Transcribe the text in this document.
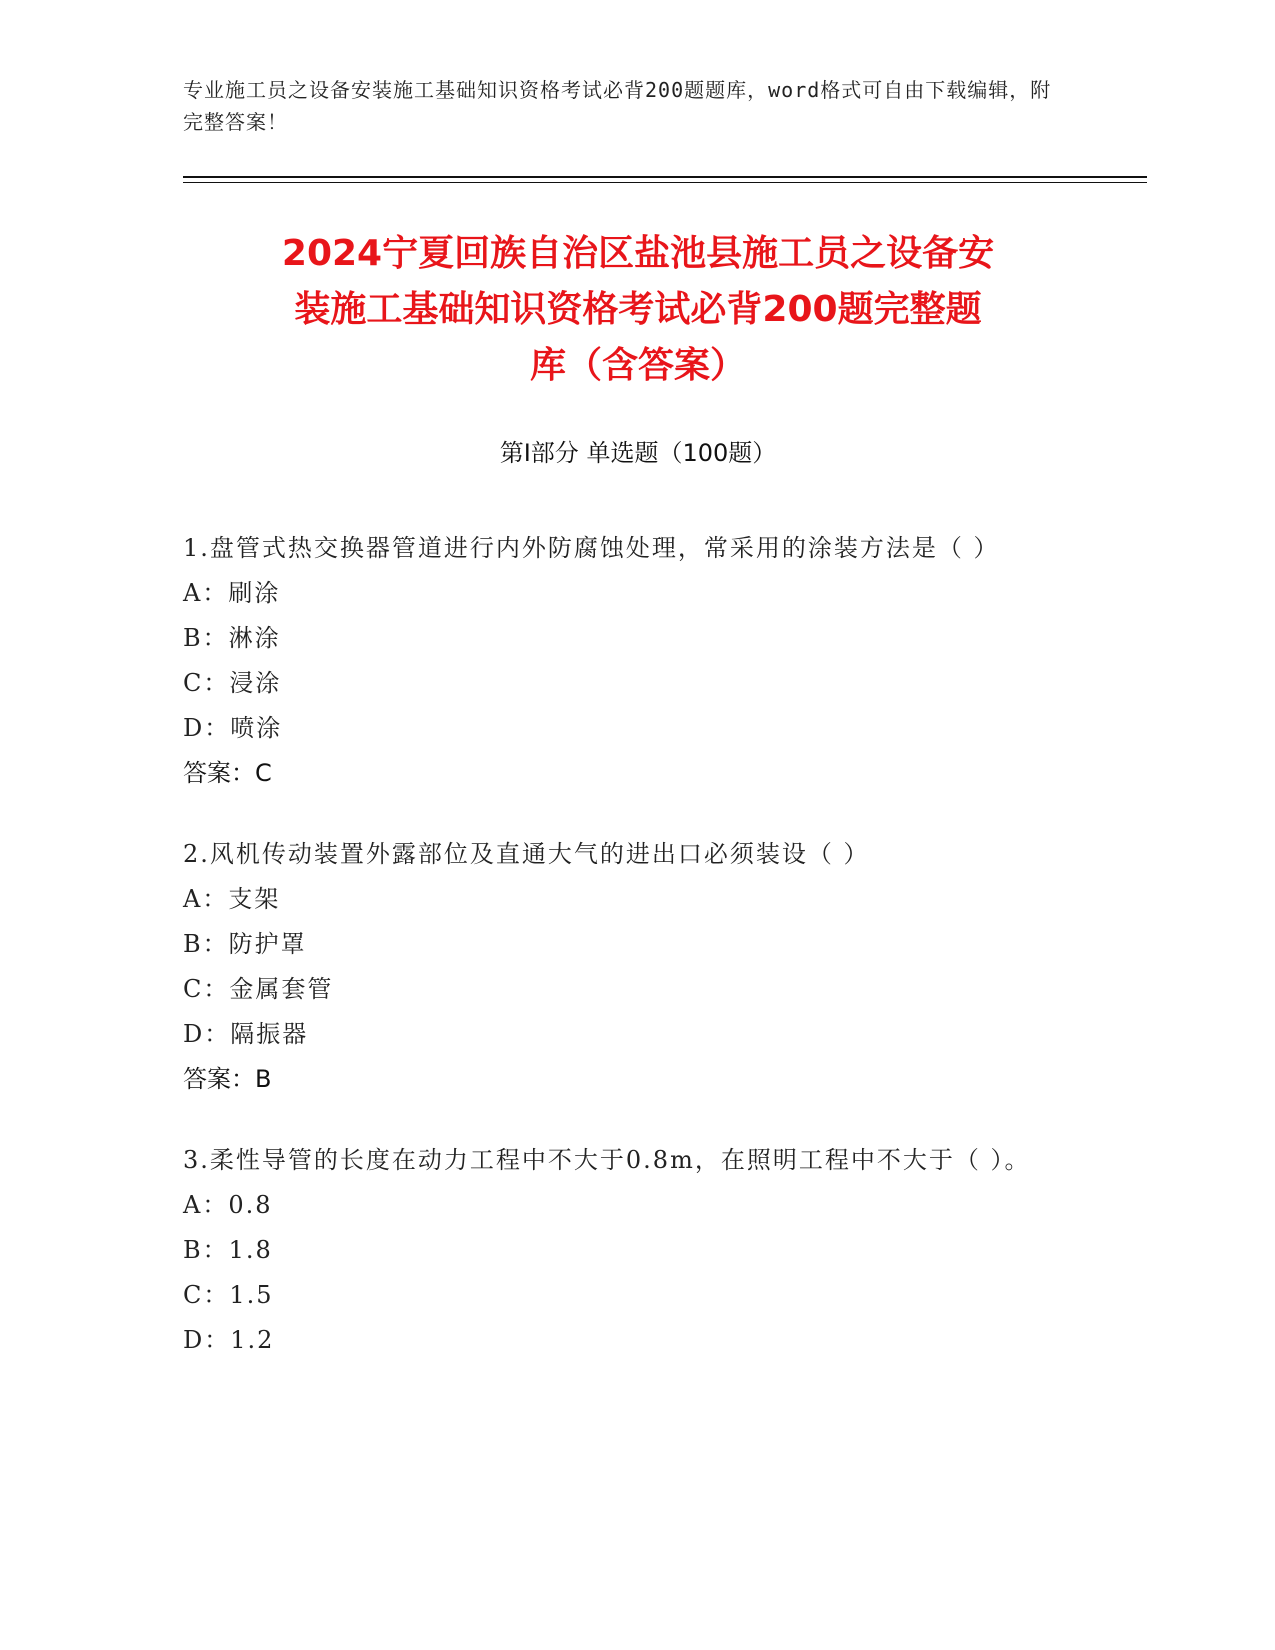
专业施工员之设备安装施工基础知识资格考试必背200题题库，word格式可自由下载编辑，附完整答案！
2024宁夏回族自治区盐池县施工员之设备安
装施工基础知识资格考试必背200题完整题
库（含答案）
第Ⅰ部分 单选题（100题）
1.盘管式热交换器管道进行内外防腐蚀处理，常采用的涂装方法是（ ）
A：刷涂
B：淋涂
C：浸涂
D：喷涂
答案：C
2.风机传动装置外露部位及直通大气的进出口必须装设（ ）
A：支架
B：防护罩
C：金属套管
D：隔振器
答案：B
3.柔性导管的长度在动力工程中不大于0.8m，在照明工程中不大于（ ）。
A：0.8
B：1.8
C：1.5
D：1.2
